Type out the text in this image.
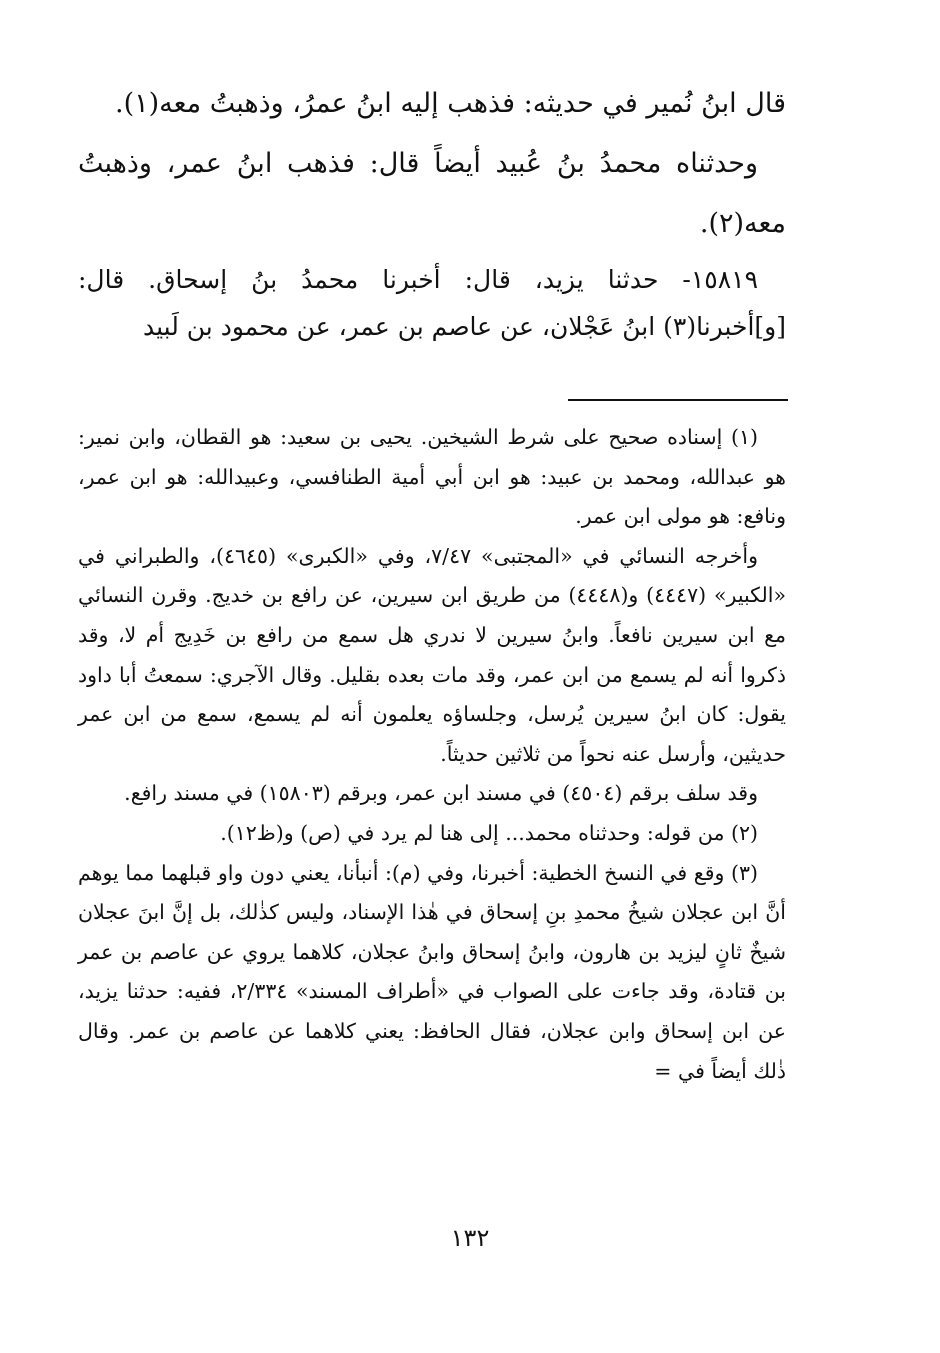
قال ابنُ نُمير في حديثه: فذهب إليه ابنُ عمرُ، وذهبتُ معه(١).

وحدثناه محمدُ بنُ عُبيد أيضاً قال: فذهب ابنُ عمر، وذهبتُ معه(٢).

١٥٨١٩- حدثنا يزيد، قال: أخبرنا محمدُ بنُ إسحاق. قال: [و]أخبرنا(٣) ابنُ عَجْلان، عن عاصم بن عمر، عن محمود بن لَبيد

(١) إسناده صحيح على شرط الشيخين. يحيى بن سعيد: هو القطان، وابن نمير: هو عبدالله، ومحمد بن عبيد: هو ابن أبي أمية الطنافسي، وعبيدالله: هو ابن عمر، ونافع: هو مولى ابن عمر.

وأخرجه النسائي في «المجتبى» ٧/٤٧، وفي «الكبرى» (٤٦٤٥)، والطبراني في «الكبير» (٤٤٤٧) و(٤٤٤٨) من طريق ابن سيرين، عن رافع بن خديج. وقرن النسائي مع ابن سيرين نافعاً. وابنُ سيرين لا ندري هل سمع من رافع بن خَدِيج أم لا، وقد ذكروا أنه لم يسمع من ابن عمر، وقد مات بعده بقليل. وقال الآجري: سمعتُ أبا داود يقول: كان ابنُ سيرين يُرسل، وجلساؤه يعلمون أنه لم يسمع، سمع من ابن عمر حديثين، وأرسل عنه نحواً من ثلاثين حديثاً.

وقد سلف برقم (٤٥٠٤) في مسند ابن عمر، وبرقم (١٥٨٠٣) في مسند رافع.

(٢) من قوله: وحدثناه محمد... إلى هنا لم يرد في (ص) و(ظ١٢).

(٣) وقع في النسخ الخطية: أخبرنا، وفي (م): أنبأنا، يعني دون واو قبلهما مما يوهم أنَّ ابن عجلان شيخُ محمدِ بنِ إسحاق في هٰذا الإسناد، وليس كذٰلك، بل إنَّ ابنَ عجلان شيخٌ ثانٍ ليزيد بن هارون، وابنُ إسحاق وابنُ عجلان، كلاهما يروي عن عاصم بن عمر بن قتادة، وقد جاءت على الصواب في «أطراف المسند» ٢/٣٣٤، ففيه: حدثنا يزيد، عن ابن إسحاق وابن عجلان، فقال الحافظ: يعني كلاهما عن عاصم بن عمر. وقال ذٰلك أيضاً في =

١٣٢
